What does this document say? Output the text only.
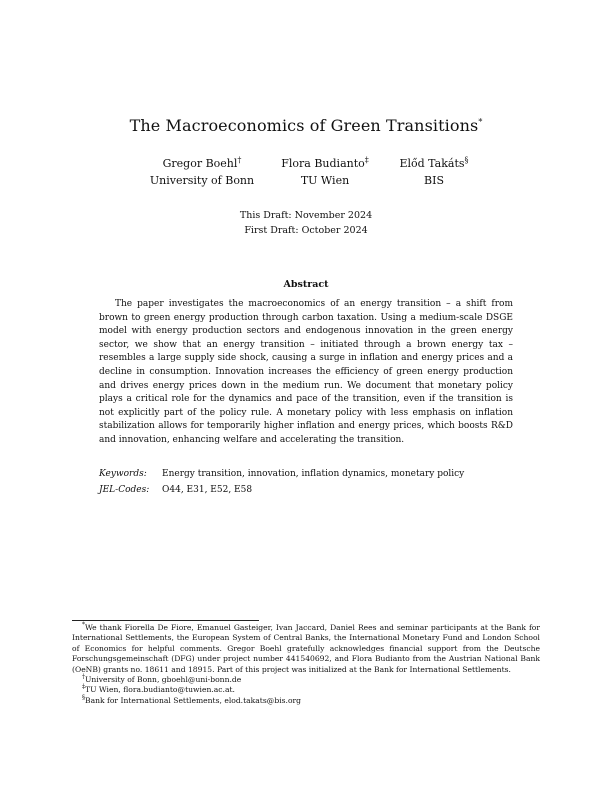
The Macroeconomics of Green Transitions*
Gregor Boehl†
University of Bonn
Flora Budianto‡
TU Wien
Előd Takáts§
BIS
This Draft: November 2024
First Draft: October 2024
Abstract

The paper investigates the macroeconomics of an energy transition – a shift from brown to green energy production through carbon taxation. Using a medium-scale DSGE model with energy production sectors and endogenous innovation in the green energy sector, we show that an energy transition – initiated through a brown energy tax – resembles a large supply side shock, causing a surge in inflation and energy prices and a decline in consumption. Innovation increases the efficiency of green energy production and drives energy prices down in the medium run. We document that monetary policy plays a critical role for the dynamics and pace of the transition, even if the transition is not explicitly part of the policy rule. A monetary policy with less emphasis on inflation stabilization allows for temporarily higher inflation and energy prices, which boosts R&D and innovation, enhancing welfare and accelerating the transition.

Keywords:	Energy transition, innovation, inflation dynamics, monetary policy
JEL-Codes:	O44, E31, E52, E58

*We thank Fiorella De Fiore, Emanuel Gasteiger, Ivan Jaccard, Daniel Rees and seminar participants at the Bank for International Settlements, the European System of Central Banks, the International Monetary Fund and London School of Economics for helpful comments. Gregor Boehl gratefully acknowledges financial support from the Deutsche Forschungsgemeinschaft (DFG) under project number 441540692, and Flora Budianto from the Austrian National Bank (OeNB) grants no. 18611 and 18915. Part of this project was initialized at the Bank for International Settlements.

†University of Bonn, gboehl@uni-bonn.de

‡TU Wien, flora.budianto@tuwien.ac.at.

§Bank for International Settlements, elod.takats@bis.org
